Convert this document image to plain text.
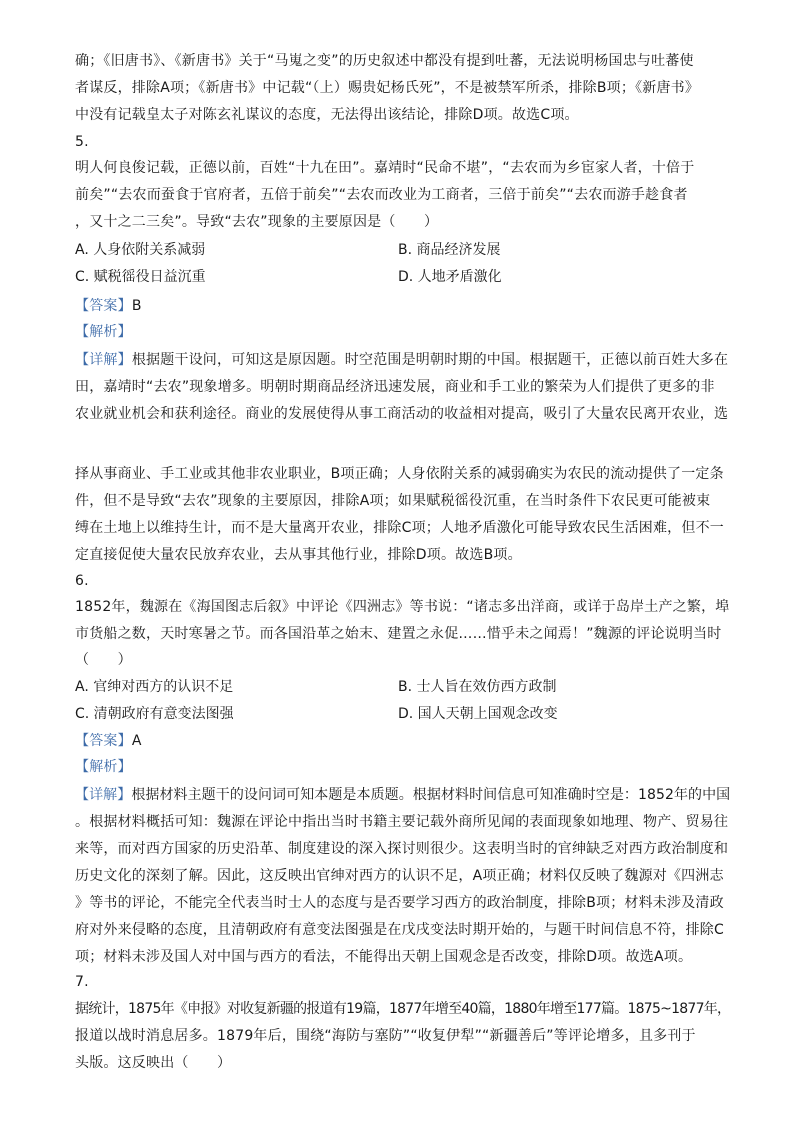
确；《旧唐书》、《新唐书》关于“马嵬之变”的历史叙述中都没有提到吐蕃，无法说明杨国忠与吐蕃使
者谋反，排除A项；《新唐书》中记载“（上）赐贵妃杨氏死”，不是被禁军所杀，排除B项；《新唐书》
中没有记载皇太子对陈玄礼谋议的态度，无法得出该结论，排除D项。故选C项。
5.
明人何良俊记载，正德以前，百姓“十九在田”。嘉靖时“民命不堪”，“去农而为乡宦家人者，十倍于
前矣”“去农而蚕食于官府者，五倍于前矣”“去农而改业为工商者，三倍于前矣”“去农而游手趁食者
，又十之二三矣”。导致“去农”现象的主要原因是（　　）
A. 人身依附关系减弱	B. 商品经济发展
C. 赋税徭役日益沉重	D. 人地矛盾激化
【答案】B
【解析】
【详解】根据题干设问，可知这是原因题。时空范围是明朝时期的中国。根据题干，正德以前百姓大多在
田，嘉靖时“去农”现象增多。明朝时期商品经济迅速发展，商业和手工业的繁荣为人们提供了更多的非
农业就业机会和获利途径。商业的发展使得从事工商活动的收益相对提高，吸引了大量农民离开农业，选
择从事商业、手工业或其他非农业职业，B项正确；人身依附关系的减弱确实为农民的流动提供了一定条
件，但不是导致“去农”现象的主要原因，排除A项；如果赋税徭役沉重，在当时条件下农民更可能被束
缚在土地上以维持生计，而不是大量离开农业，排除C项；人地矛盾激化可能导致农民生活困难，但不一
定直接促使大量农民放弃农业，去从事其他行业，排除D项。故选B项。
6.
1852年，魏源在《海国图志后叙》中评论《四洲志》等书说：“诸志多出洋商，或详于岛岸土产之繁，埠
市货船之数，天时寒暑之节。而各国沿革之始末、建置之永促……惜乎未之闻焉！”魏源的评论说明当时
（　　）
A. 官绅对西方的认识不足	B. 士人旨在效仿西方政制
C. 清朝政府有意变法图强	D. 国人天朝上国观念改变
【答案】A
【解析】
【详解】根据材料主题干的设问词可知本题是本质题。根据材料时间信息可知准确时空是：1852年的中国
。根据材料概括可知：魏源在评论中指出当时书籍主要记载外商所见闻的表面现象如地理、物产、贸易往
来等，而对西方国家的历史沿革、制度建设的深入探讨则很少。这表明当时的官绅缺乏对西方政治制度和
历史文化的深刻了解。因此，这反映出官绅对西方的认识不足，A项正确；材料仅反映了魏源对《四洲志
》等书的评论，不能完全代表当时士人的态度与是否要学习西方的政治制度，排除B项；材料未涉及清政
府对外来侵略的态度，且清朝政府有意变法图强是在戊戌变法时期开始的，与题干时间信息不符，排除C
项；材料未涉及国人对中国与西方的看法，不能得出天朝上国观念是否改变，排除D项。故选A项。
7.
据统计，1875年《申报》对收复新疆的报道有19篇，1877年增至40篇，1880年增至177篇。1875~1877年，
报道以战时消息居多。1879年后，围绕“海防与塞防”“收复伊犁”“新疆善后”等评论增多，且多刊于
头版。这反映出（　　）
